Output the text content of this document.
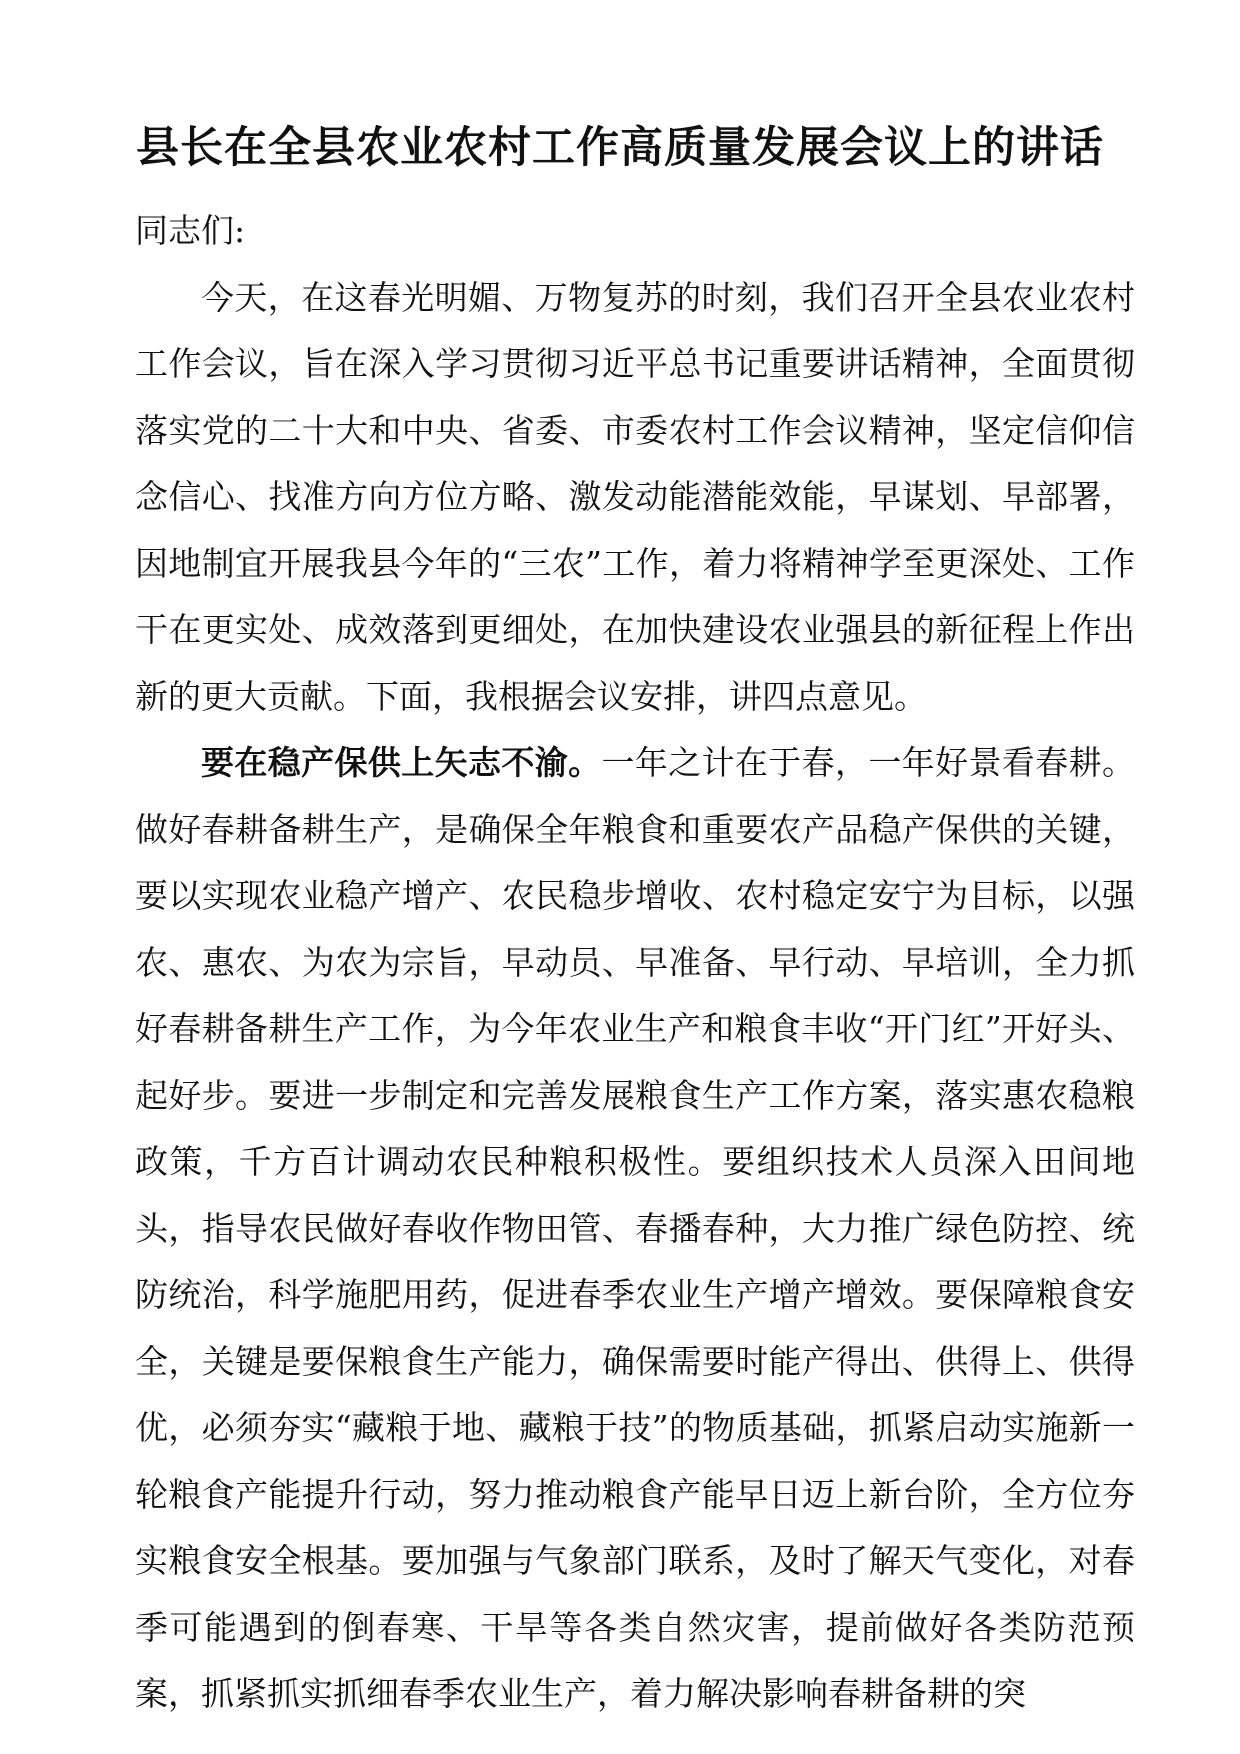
县长在全县农业农村工作高质量发展会议上的讲话

同志们:

今天，在这春光明媚、万物复苏的时刻，我们召开全县农业农村工作会议，旨在深入学习贯彻习近平总书记重要讲话精神，全面贯彻落实党的二十大和中央、省委、市委农村工作会议精神，坚定信仰信念信心、找准方向方位方略、激发动能潜能效能，早谋划、早部署，因地制宜开展我县今年的“三农”工作，着力将精神学至更深处、工作干在更实处、成效落到更细处，在加快建设农业强县的新征程上作出新的更大贡献。下面，我根据会议安排，讲四点意见。

要在稳产保供上矢志不渝。一年之计在于春，一年好景看春耕。做好春耕备耕生产，是确保全年粮食和重要农产品稳产保供的关键，要以实现农业稳产增产、农民稳步增收、农村稳定安宁为目标，以强农、惠农、为农为宗旨，早动员、早准备、早行动、早培训，全力抓好春耕备耕生产工作，为今年农业生产和粮食丰收“开门红”开好头、起好步。要进一步制定和完善发展粮食生产工作方案，落实惠农稳粮政策，千方百计调动农民种粮积极性。要组织技术人员深入田间地头，指导农民做好春收作物田管、春播春种，大力推广绿色防控、统防统治，科学施肥用药，促进春季农业生产增产增效。要保障粮食安全，关键是要保粮食生产能力，确保需要时能产得出、供得上、供得优，必须夯实“藏粮于地、藏粮于技”的物质基础，抓紧启动实施新一轮粮食产能提升行动，努力推动粮食产能早日迈上新台阶，全方位夯实粮食安全根基。要加强与气象部门联系，及时了解天气变化，对春季可能遇到的倒春寒、干旱等各类自然灾害，提前做好各类防范预案，抓紧抓实抓细春季农业生产，着力解决影响春耕备耕的突
